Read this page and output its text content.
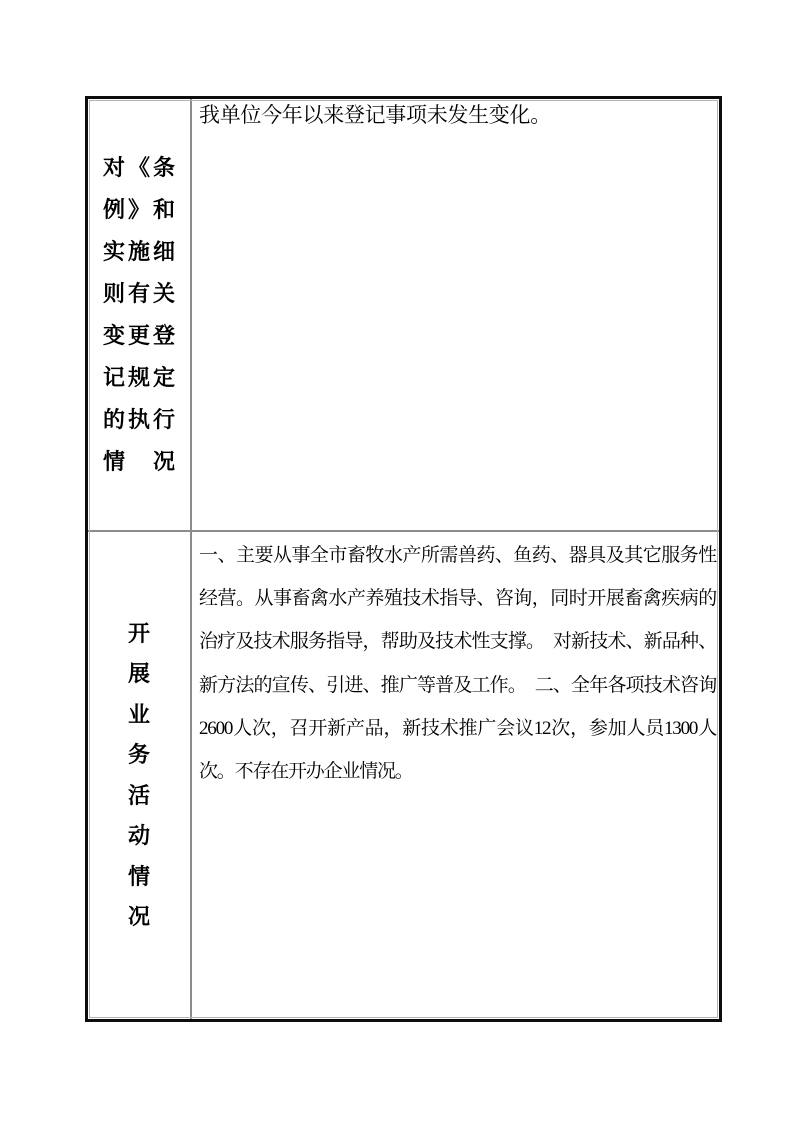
对《条
例》和
实施细
则有关
变更登
记规定
的执行
情　况
我单位今年以来登记事项未发生变化。
开
展
业
务
活
动
情
况
一、主要从事全市畜牧水产所需兽药、鱼药、器具及其它服务性
经营。从事畜禽水产养殖技术指导、咨询，同时开展畜禽疾病的
治疗及技术服务指导，帮助及技术性支撑。　对新技术、新品种、
新方法的宣传、引进、推广等普及工作。　二、全年各项技术咨询
2600人次，召开新产品，新技术推广会议12次，参加人员1300人
次。不存在开办企业情况。
